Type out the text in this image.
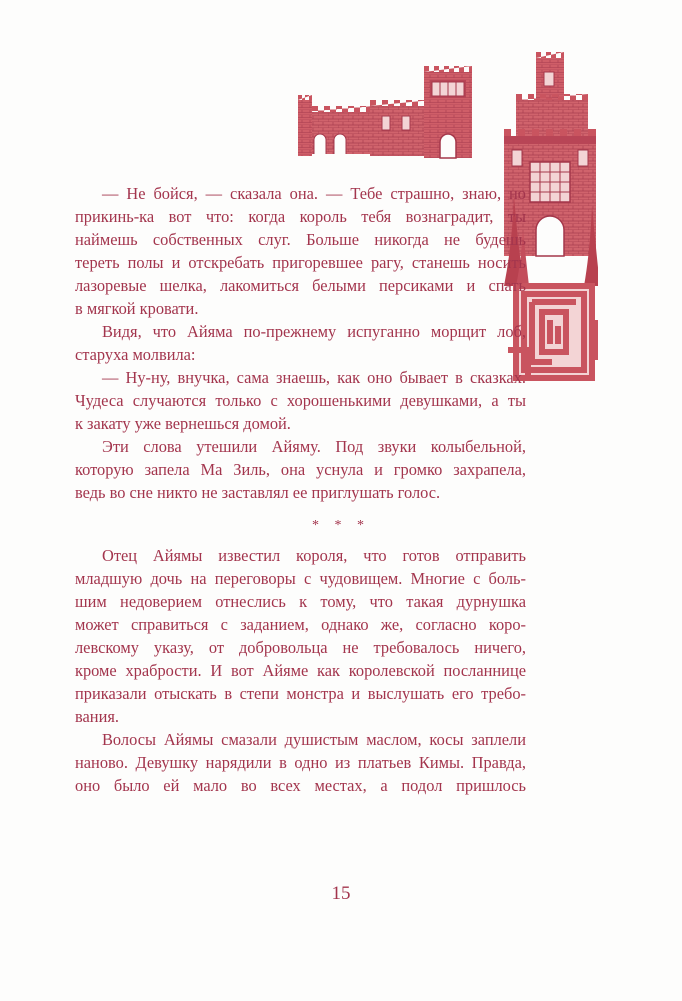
— Не бойся, — сказала она. — Тебе страшно, знаю, но
прикинь-ка вот что: когда король тебя вознаградит, ты
наймешь собственных слуг. Больше никогда не будешь
тереть полы и отскребать пригоревшее рагу, станешь носить
лазоревые шелка, лакомиться белыми персиками и спать
в мягкой кровати.
Видя, что Айяма по-прежнему испуганно морщит лоб,
старуха молвила:
— Ну-ну, внучка, сама знаешь, как оно бывает в сказках.
Чудеса случаются только с хорошенькими девушками, а ты
к закату уже вернешься домой.
Эти слова утешили Айяму. Под звуки колыбельной,
которую запела Ма Зиль, она уснула и громко захрапела,
ведь во сне никто не заставлял ее приглушать голос.
* * *
Отец Айямы известил короля, что готов отправить
младшую дочь на переговоры с чудовищем. Многие с боль-
шим недоверием отнеслись к тому, что такая дурнушка
может справиться с заданием, однако же, согласно коро-
левскому указу, от добровольца не требовалось ничего,
кроме храбрости. И вот Айяме как королевской посланнице
приказали отыскать в степи монстра и выслушать его требо-
вания.
Волосы Айямы смазали душистым маслом, косы заплели
наново. Девушку нарядили в одно из платьев Кимы. Правда,
оно было ей мало во всех местах, а подол пришлось
15
